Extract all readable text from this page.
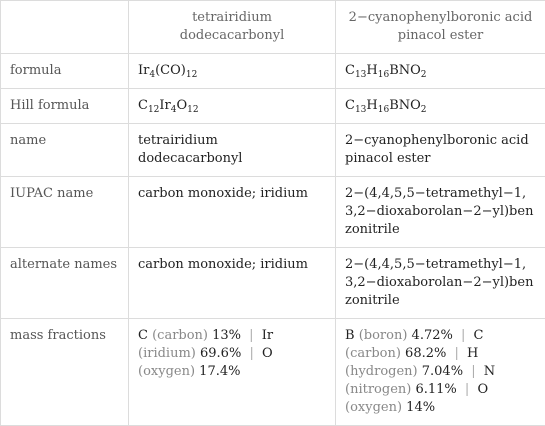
	tetrairidium dodecacarbonyl	2−cyanophenylboronic acid pinacol ester
formula	$Ir_4(CO)_{12}$	$C_{13}H_{16}BNO_2$
Hill formula	$C_{12}Ir_4O_{12}$	$C_{13}H_{16}BNO_2$
name	tetrairidium dodecacarbonyl	2−cyanophenylboronic acid pinacol ester
IUPAC name	carbon monoxide; iridium	2−(4,4,5,5−tetramethyl−1,3,2−dioxaborolan−2−yl)benzonitrile
alternate names	carbon monoxide; iridium	2−(4,4,5,5−tetramethyl−1,3,2−dioxaborolan−2−yl)benzonitrile
mass fractions	C (carbon) 13% | Ir (iridium) 69.6% | O (oxygen) 17.4%	B (boron) 4.72% | C (carbon) 68.2% | H (hydrogen) 7.04% | N (nitrogen) 6.11% | O (oxygen) 14%
